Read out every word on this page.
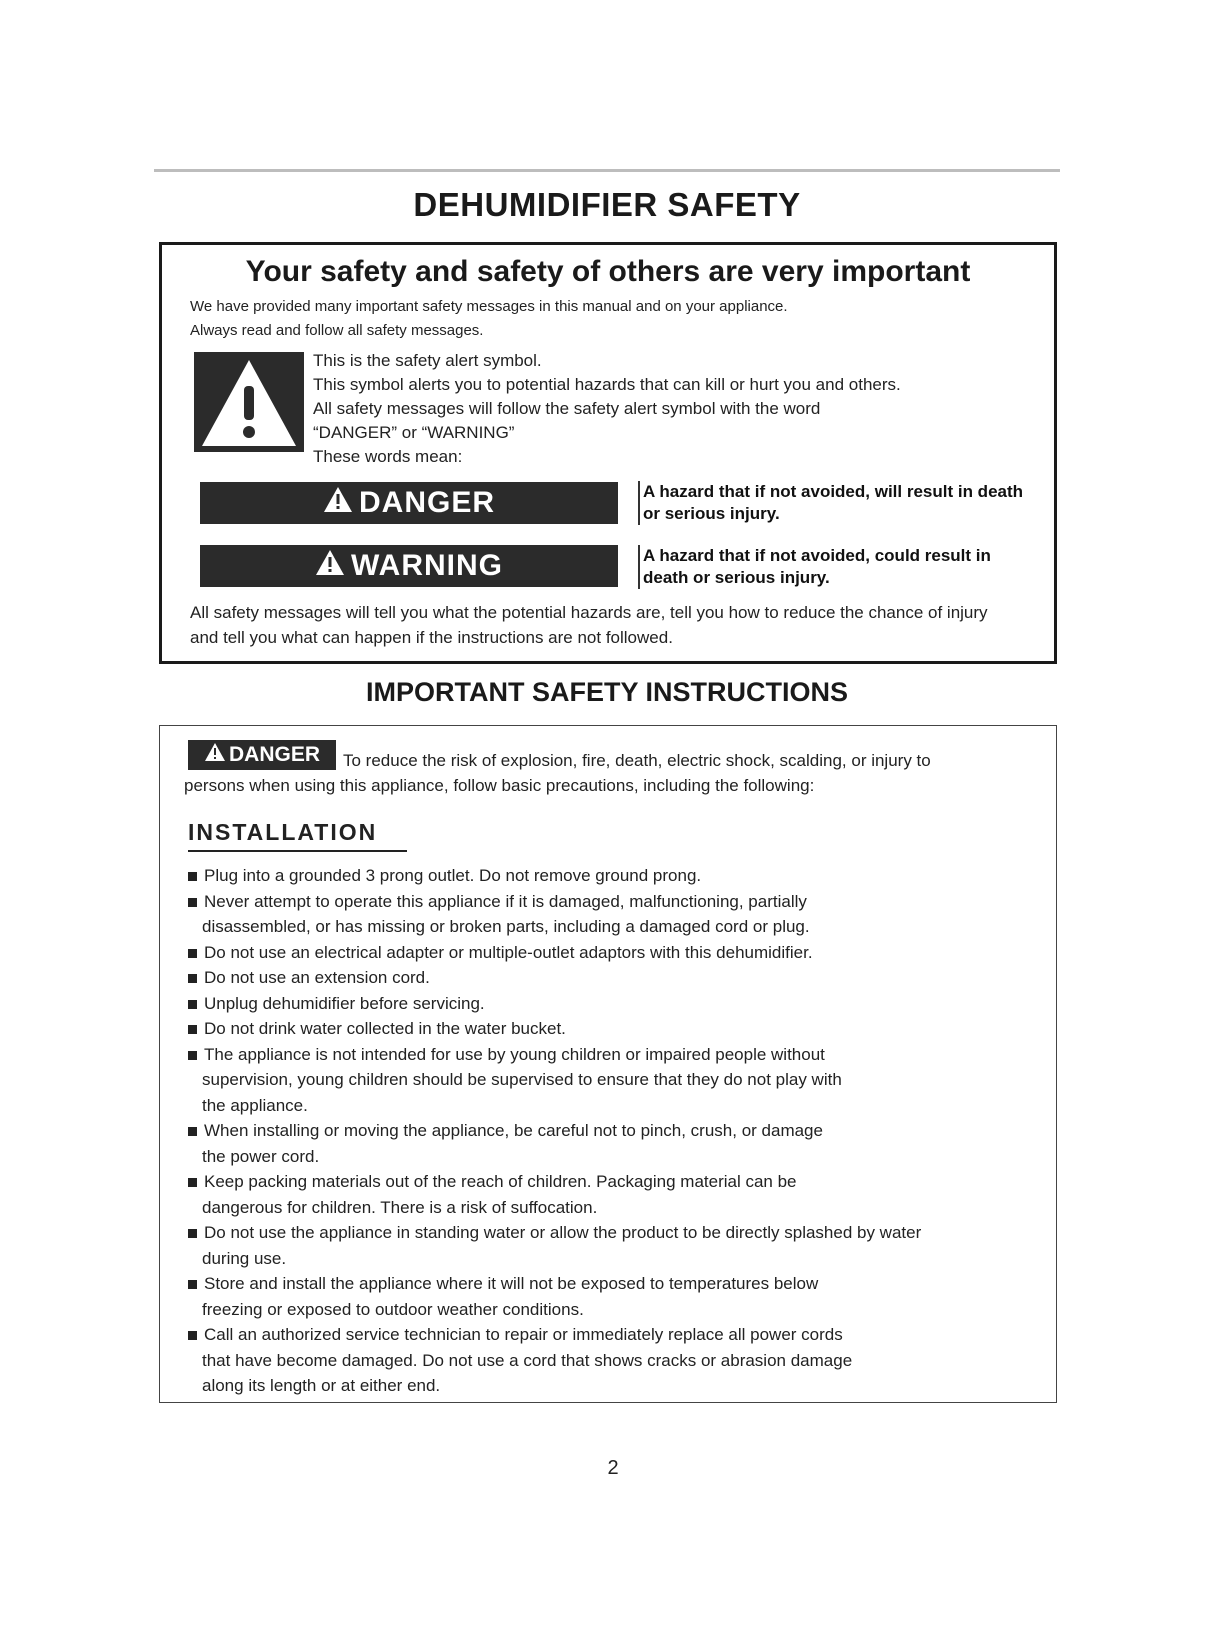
DEHUMIDIFIER SAFETY
Your safety and safety of others are very important

We have provided many important safety messages in this manual and on your appliance.

Always read and follow all safety messages.

This is the safety alert symbol.
This symbol alerts you to potential hazards that can kill or hurt you and others.
All safety messages will follow the safety alert symbol with the word
“DANGER” or “WARNING”
These words mean:
DANGER	A hazard that if not avoided, will result in death
or serious injury.
WARNING	A hazard that if not avoided, could result in
death or serious injury.
All safety messages will tell you what the potential hazards are, tell you how to reduce the chance of injury
and tell you what can happen if the instructions are not followed.
IMPORTANT SAFETY INSTRUCTIONS
DANGER To reduce the risk of explosion, fire, death, electric shock, scalding, or injury to
persons when using this appliance, follow basic precautions, including the following:
INSTALLATION
Plug into a grounded 3 prong outlet. Do not remove ground prong.
Never attempt to operate this appliance if it is damaged, malfunctioning, partially
disassembled, or has missing or broken parts, including a damaged cord or plug.
Do not use an electrical adapter or multiple-outlet adaptors with this dehumidifier.
Do not use an extension cord.
Unplug dehumidifier before servicing.
Do not drink water collected in the water bucket.
The appliance is not intended for use by young children or impaired people without
supervision, young children should be supervised to ensure that they do not play with
the appliance.
When installing or moving the appliance, be careful not to pinch, crush, or damage
the power cord.
Keep packing materials out of the reach of children. Packaging material can be
dangerous for children. There is a risk of suffocation.
Do not use the appliance in standing water or allow the product to be directly splashed by water
during use.
Store and install the appliance where it will not be exposed to temperatures below
freezing or exposed to outdoor weather conditions.
Call an authorized service technician to repair or immediately replace all power cords
that have become damaged. Do not use a cord that shows cracks or abrasion damage
along its length or at either end.
2
